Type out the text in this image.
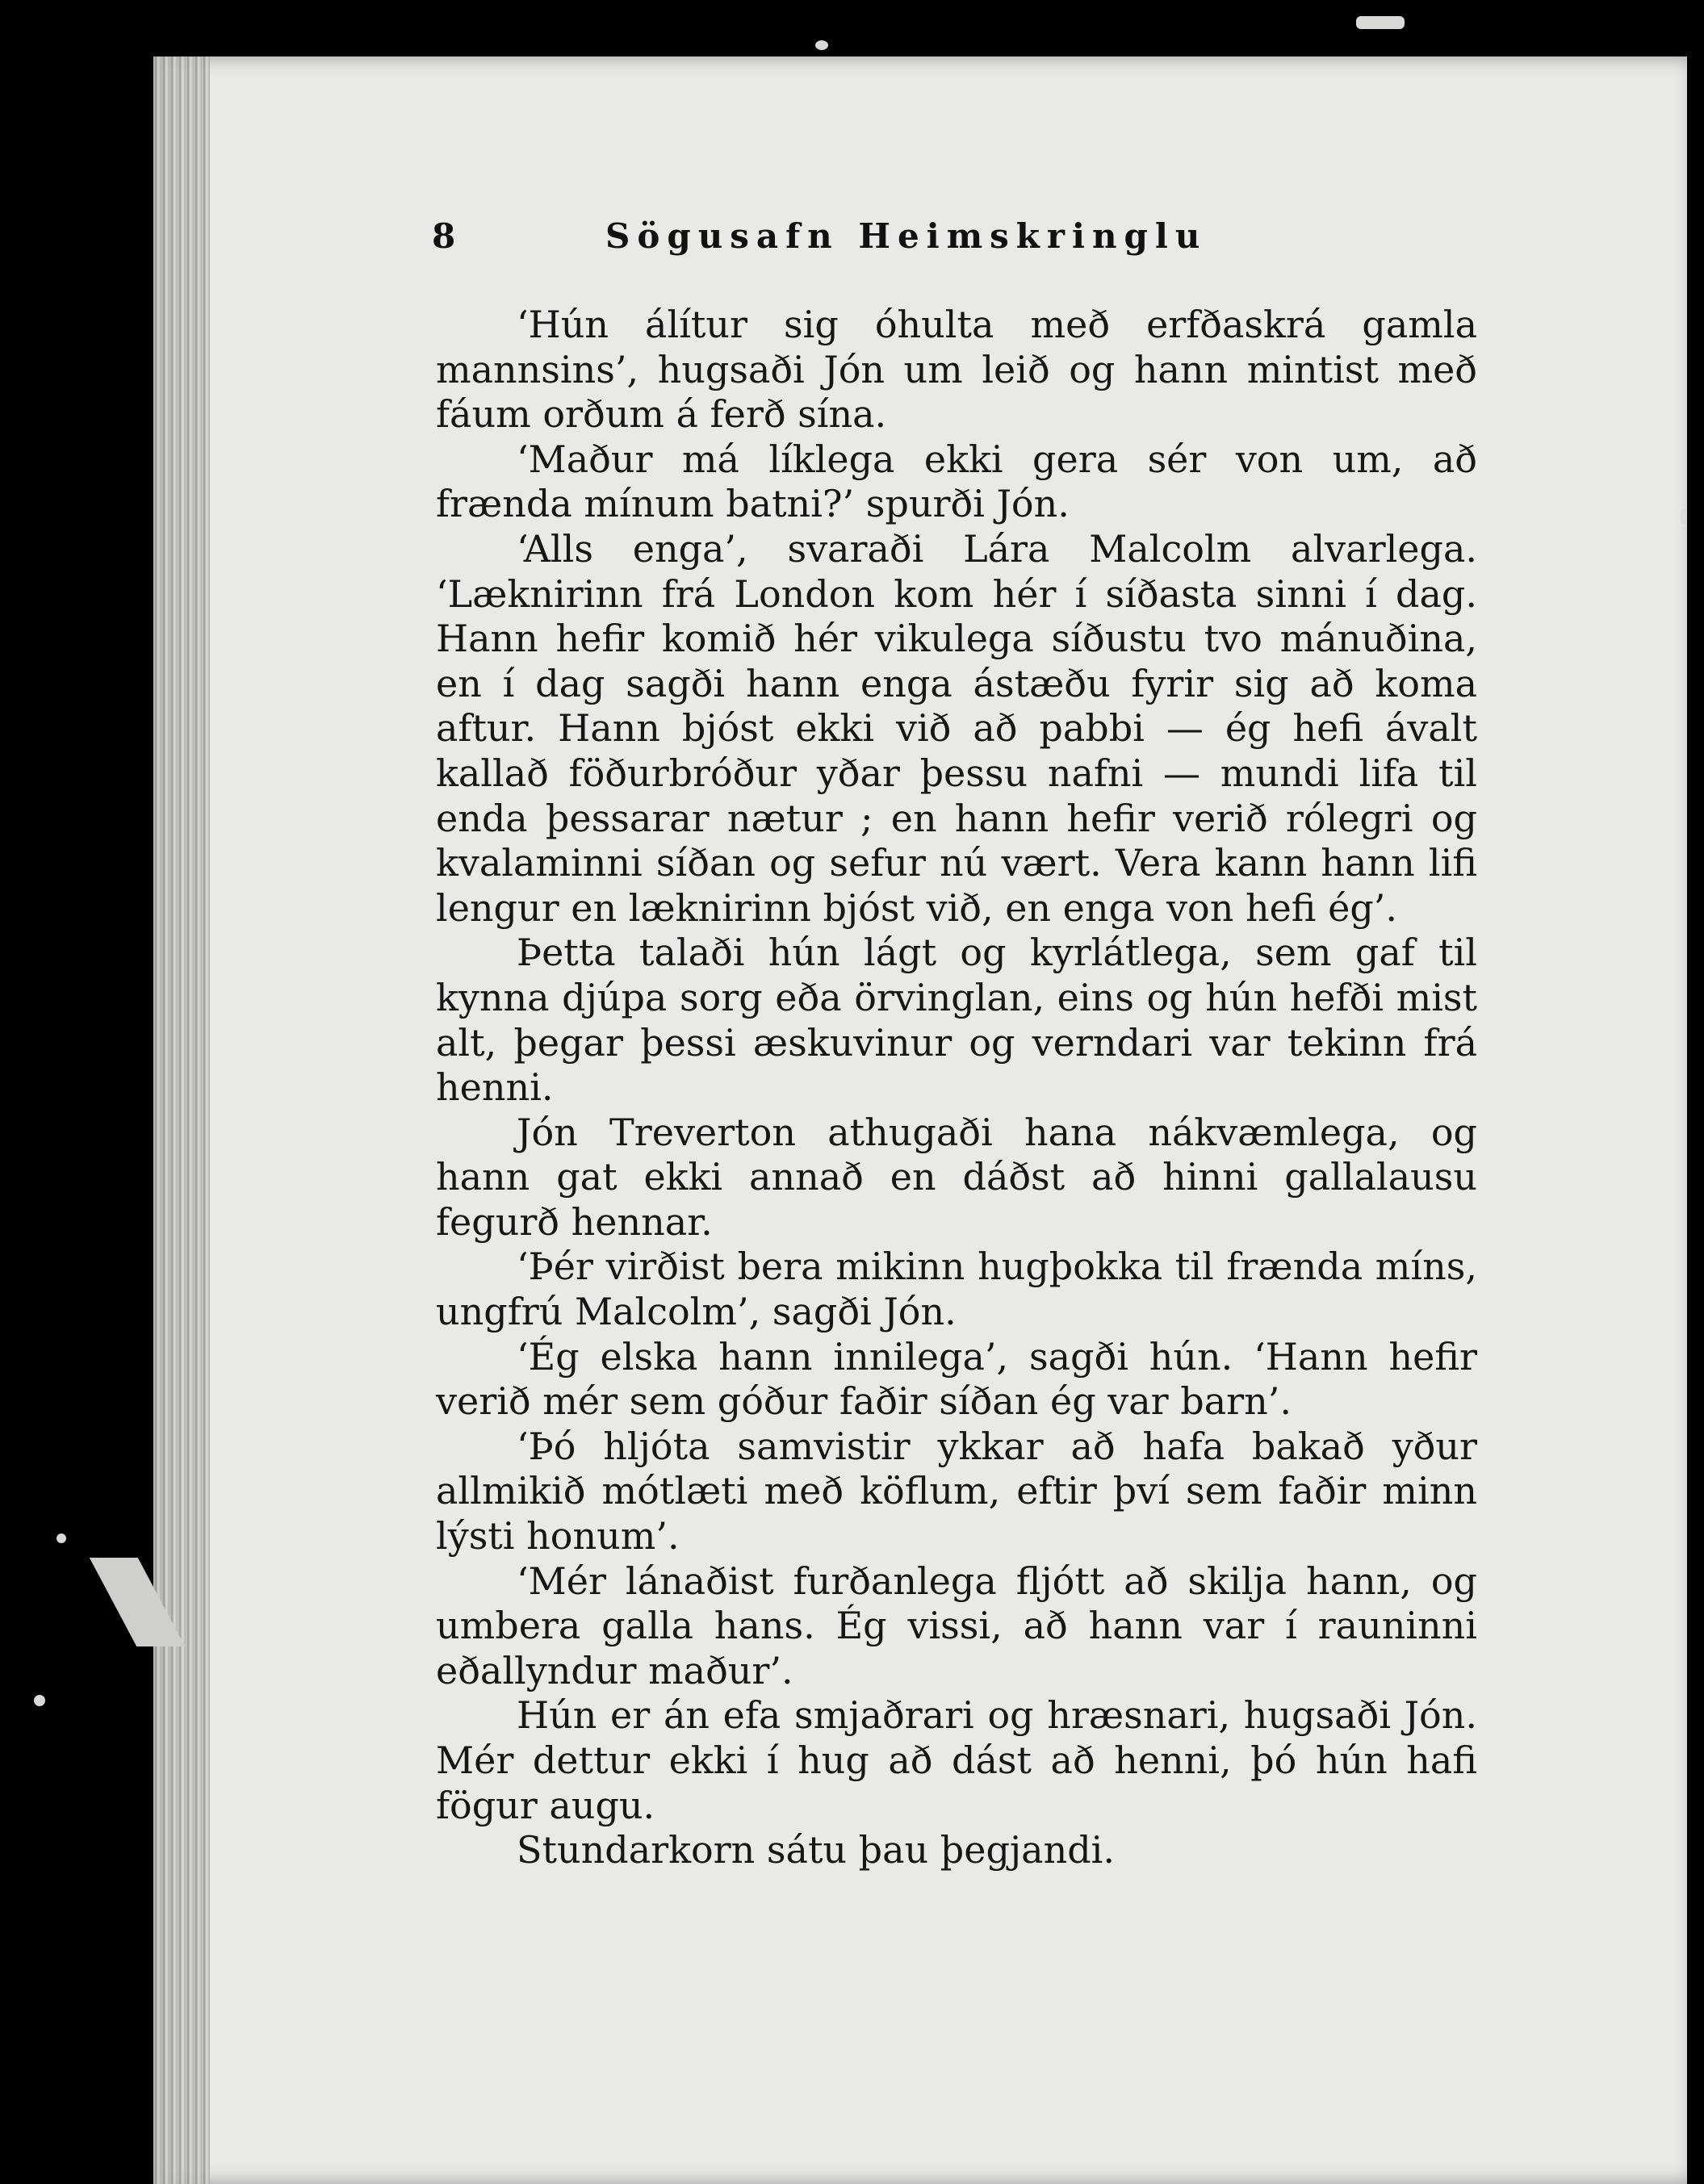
8	Sögusafn Heimskringlu

‘Hún álítur sig óhulta með erfðaskrá gamla mannsins’, hugsaði Jón um leið og hann mintist með fáum orðum á ferð sína.

‘Maður má líklega ekki gera sér von um, að frænda mínum batni?’ spurði Jón.

‘Alls enga’, svaraði Lára Malcolm alvarlega. ‘Læknirinn frá London kom hér í síðasta sinni í dag. Hann hefir komið hér vikulega síðustu tvo mánuðina, en í dag sagði hann enga ástæðu fyrir sig að koma aftur. Hann bjóst ekki við að pabbi — ég hefi ávalt kallað föðurbróður yðar þessu nafni — mundi lifa til enda þessarar nætur ; en hann hefir verið rólegri og kvalaminni síðan og sefur nú vært. Vera kann hann lifi lengur en læknirinn bjóst við, en enga von hefi ég’.

Þetta talaði hún lágt og kyrlátlega, sem gaf til kynna djúpa sorg eða örvinglan, eins og hún hefði mist alt, þegar þessi æskuvinur og verndari var tekinn frá henni.

Jón Treverton athugaði hana nákvæmlega, og hann gat ekki annað en dáðst að hinni gallalausu fegurð hennar.

‘Þér virðist bera mikinn hugþokka til frænda míns, ungfrú Malcolm’, sagði Jón.

‘Ég elska hann innilega’, sagði hún. ‘Hann hefir verið mér sem góður faðir síðan ég var barn’.

‘Þó hljóta samvistir ykkar að hafa bakað yður allmikið mótlæti með köflum, eftir því sem faðir minn lýsti honum’.

‘Mér lánaðist furðanlega fljótt að skilja hann, og umbera galla hans. Ég vissi, að hann var í rauninni eðallyndur maður’.

Hún er án efa smjaðrari og hræsnari, hugsaði Jón. Mér dettur ekki í hug að dást að henni, þó hún hafi fögur augu.

Stundarkorn sátu þau þegjandi.
